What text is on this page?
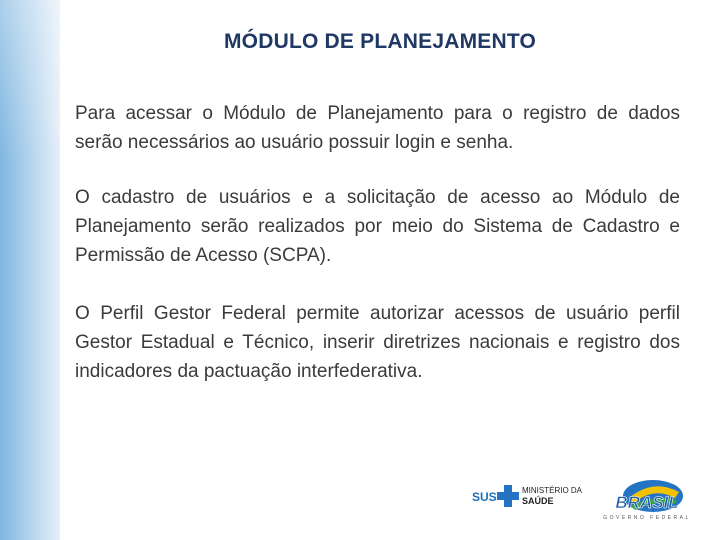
MÓDULO DE PLANEJAMENTO

Para acessar o Módulo de Planejamento para o registro de dados serão necessários ao usuário possuir login e senha.

O cadastro de usuários e a solicitação de acesso ao Módulo de Planejamento serão realizados por meio do Sistema de Cadastro e Permissão de Acesso (SCPA).

O Perfil Gestor Federal permite autorizar acessos de usuário perfil Gestor Estadual e Técnico, inserir diretrizes nacionais e registro dos indicadores da pactuação interfederativa.

SUS	MINISTÉRIO DA
SAÚDE	BRASIL
GOVERNO FEDERAL
